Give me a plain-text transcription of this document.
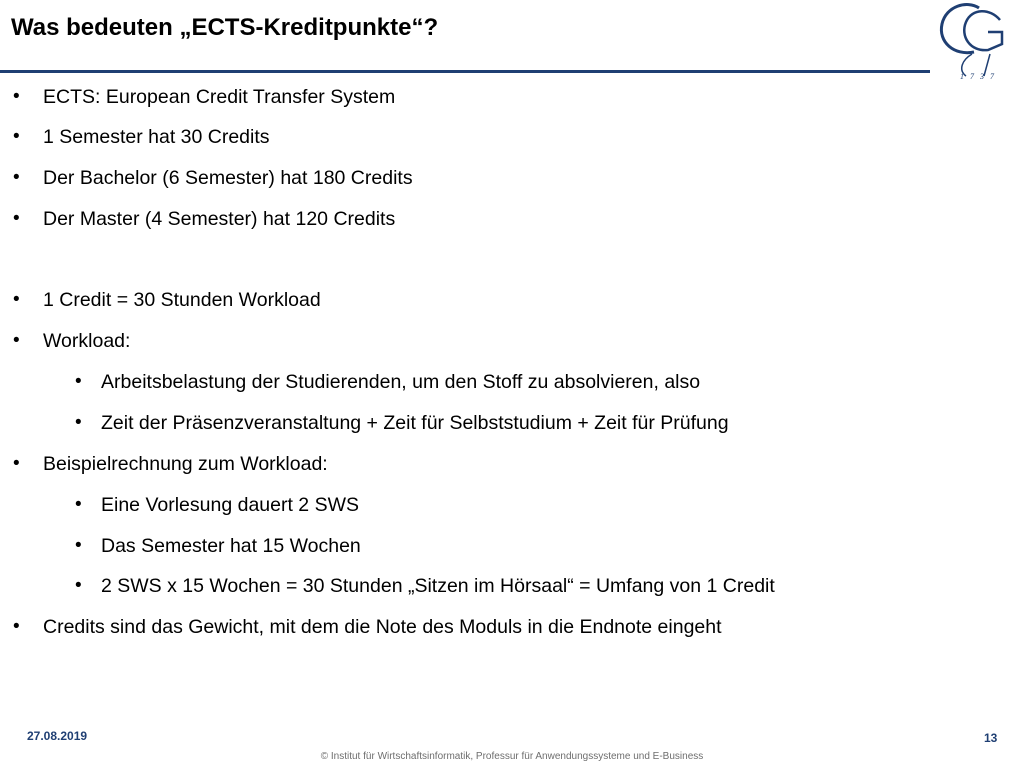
Was bedeuten „ECTS-Kreditpunkte“?
1 7 3 7
• ECTS: European Credit Transfer System
• 1 Semester hat 30 Credits
• Der Bachelor (6 Semester) hat 180 Credits
• Der Master (4 Semester) hat 120 Credits
• 1 Credit = 30 Stunden Workload
• Workload:
• Arbeitsbelastung der Studierenden, um den Stoff zu absolvieren, also
• Zeit der Präsenzveranstaltung + Zeit für Selbststudium + Zeit für Prüfung
• Beispielrechnung zum Workload:
• Eine Vorlesung dauert 2 SWS
• Das Semester hat 15 Wochen
• 2 SWS x 15 Wochen = 30 Stunden „Sitzen im Hörsaal“ = Umfang von 1 Credit
• Credits sind das Gewicht, mit dem die Note des Moduls in die Endnote eingeht
27.08.2019	13
© Institut für Wirtschaftsinformatik, Professur für Anwendungssysteme und E-Business
